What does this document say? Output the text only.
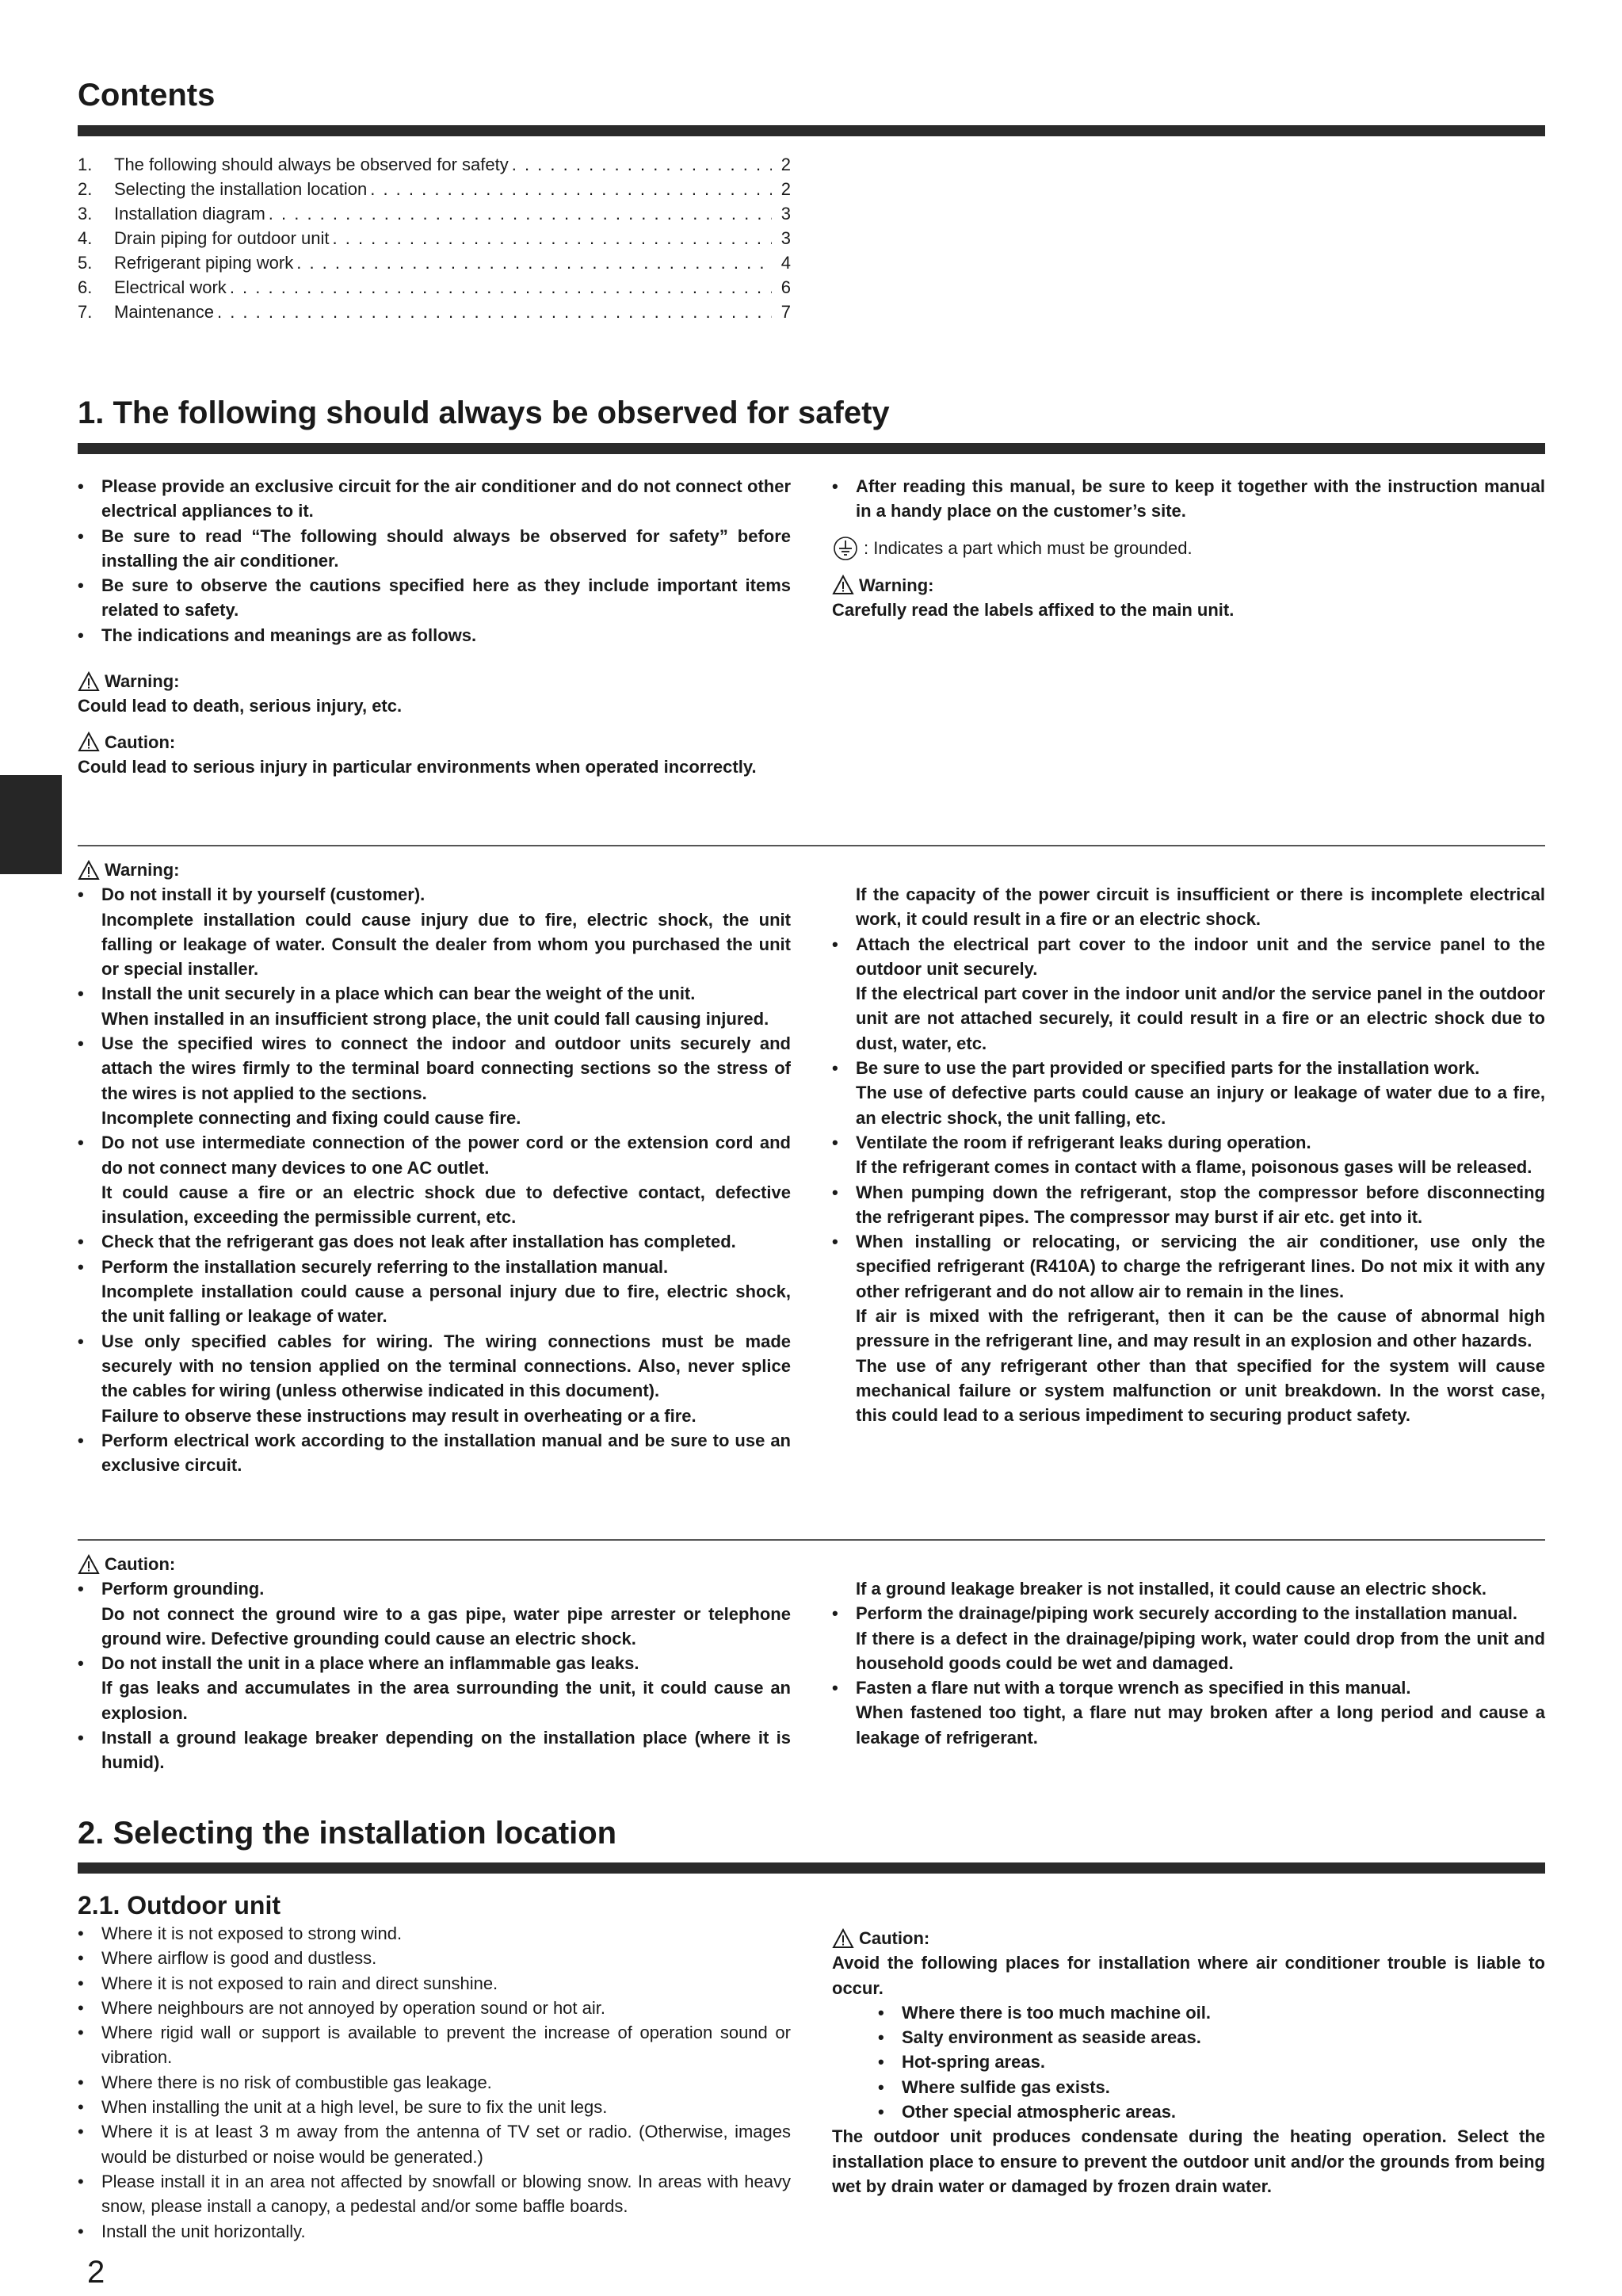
Contents
1.	The following should always be observed for safety . . .	2
2.	Selecting the installation location . . .	2
3.	Installation diagram . . .	3
4.	Drain piping for outdoor unit . . .	3
5.	Refrigerant piping work . . .	4
6.	Electrical work . . .	6
7.	Maintenance . . .	7
1. The following should always be observed for safety
• Please provide an exclusive circuit for the air conditioner and do not connect other electrical appliances to it.
• Be sure to read “The following should always be observed for safety” before installing the air conditioner.
• Be sure to observe the cautions specified here as they include important items related to safety.
• The indications and meanings are as follows.
Warning:

Could lead to death, serious injury, etc.

Caution:

Could lead to serious injury in particular environments when operated incorrectly.

• After reading this manual, be sure to keep it together with the instruction manual in a handy place on the customer’s site.
: Indicates a part which must be grounded.
Warning:

Carefully read the labels affixed to the main unit.

Warning:
• Do not install it by yourself (customer).
Incomplete installation could cause injury due to fire, electric shock, the unit falling or leakage of water. Consult the dealer from whom you purchased the unit or special installer.
• Install the unit securely in a place which can bear the weight of the unit.
When installed in an insufficient strong place, the unit could fall causing injured.
• Use the specified wires to connect the indoor and outdoor units securely and attach the wires firmly to the terminal board connecting sections so the stress of the wires is not applied to the sections.
Incomplete connecting and fixing could cause fire.
• Do not use intermediate connection of the power cord or the extension cord and do not connect many devices to one AC outlet.
It could cause a fire or an electric shock due to defective contact, defective insulation, exceeding the permissible current, etc.
• Check that the refrigerant gas does not leak after installation has completed.
• Perform the installation securely referring to the installation manual.
Incomplete installation could cause a personal injury due to fire, electric shock, the unit falling or leakage of water.
• Use only specified cables for wiring. The wiring connections must be made securely with no tension applied on the terminal connections. Also, never splice the cables for wiring (unless otherwise indicated in this document).
Failure to observe these instructions may result in overheating or a fire.
• Perform electrical work according to the installation manual and be sure to use an exclusive circuit.

If the capacity of the power circuit is insufficient or there is incomplete electrical work, it could result in a fire or an electric shock.

• Attach the electrical part cover to the indoor unit and the service panel to the outdoor unit securely.
If the electrical part cover in the indoor unit and/or the service panel in the outdoor unit are not attached securely, it could result in a fire or an electric shock due to dust, water, etc.
• Be sure to use the part provided or specified parts for the installation work.
The use of defective parts could cause an injury or leakage of water due to a fire, an electric shock, the unit falling, etc.
• Ventilate the room if refrigerant leaks during operation.
If the refrigerant comes in contact with a flame, poisonous gases will be released.
• When pumping down the refrigerant, stop the compressor before disconnecting the refrigerant pipes. The compressor may burst if air etc. get into it.
• When installing or relocating, or servicing the air conditioner, use only the specified refrigerant (R410A) to charge the refrigerant lines. Do not mix it with any other refrigerant and do not allow air to remain in the lines.
If air is mixed with the refrigerant, then it can be the cause of abnormal high pressure in the refrigerant line, and may result in an explosion and other hazards.
The use of any refrigerant other than that specified for the system will cause mechanical failure or system malfunction or unit breakdown. In the worst case, this could lead to a serious impediment to securing product safety.
Caution:
• Perform grounding.
Do not connect the ground wire to a gas pipe, water pipe arrester or telephone ground wire. Defective grounding could cause an electric shock.
• Do not install the unit in a place where an inflammable gas leaks.
If gas leaks and accumulates in the area surrounding the unit, it could cause an explosion.
• Install a ground leakage breaker depending on the installation place (where it is humid).

If a ground leakage breaker is not installed, it could cause an electric shock.

• Perform the drainage/piping work securely according to the installation manual.
If there is a defect in the drainage/piping work, water could drop from the unit and household goods could be wet and damaged.
• Fasten a flare nut with a torque wrench as specified in this manual.
When fastened too tight, a flare nut may broken after a long period and cause a leakage of refrigerant.
2. Selecting the installation location
2.1. Outdoor unit
• Where it is not exposed to strong wind.
• Where airflow is good and dustless.
• Where it is not exposed to rain and direct sunshine.
• Where neighbours are not annoyed by operation sound or hot air.
• Where rigid wall or support is available to prevent the increase of operation sound or vibration.
• Where there is no risk of combustible gas leakage.
• When installing the unit at a high level, be sure to fix the unit legs.
• Where it is at least 3 m away from the antenna of TV set or radio. (Otherwise, images would be disturbed or noise would be generated.)
• Please install it in an area not affected by snowfall or blowing snow. In areas with heavy snow, please install a canopy, a pedestal and/or some baffle boards.
• Install the unit horizontally.
Caution:

Avoid the following places for installation where air conditioner trouble is liable to occur.

• Where there is too much machine oil.
• Salty environment as seaside areas.
• Hot-spring areas.
• Where sulfide gas exists.
• Other special atmospheric areas.

The outdoor unit produces condensate during the heating operation. Select the installation place to ensure to prevent the outdoor unit and/or the grounds from being wet by drain water or damaged by frozen drain water.

2
